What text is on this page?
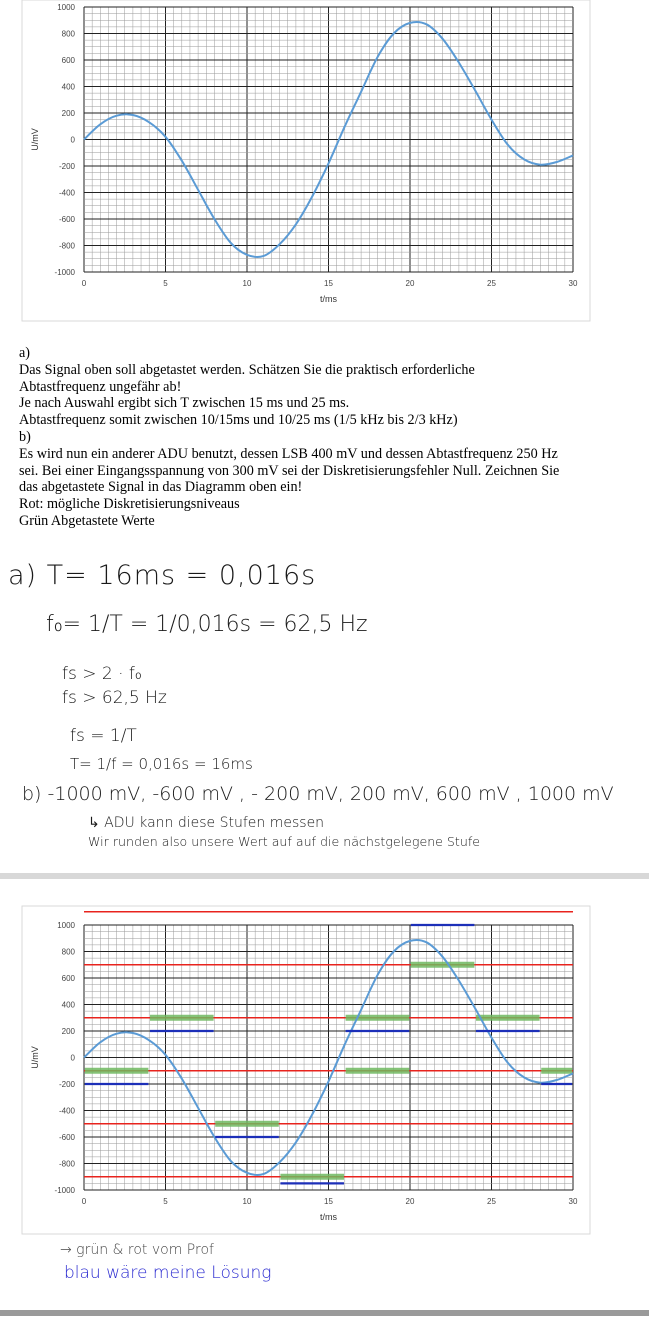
1000
800
600
400
200
0
-200
-400
-600
-800
-1000
0	5	10	15	20	25	30
t/ms
U/mV
a)
Das Signal oben soll abgetastet werden. Schätzen Sie die praktisch erforderliche
Abtastfrequenz ungefähr ab!
Je nach Auswahl ergibt sich T zwischen 15 ms und 25 ms.
Abtastfrequenz somit zwischen 10/15ms und 10/25 ms (1/5 kHz bis 2/3 kHz)
b)
Es wird nun ein anderer ADU benutzt, dessen LSB 400 mV und dessen Abtastfrequenz 250 Hz
sei. Bei einer Eingangsspannung von 300 mV sei der Diskretisierungsfehler Null. Zeichnen Sie
das abgetastete Signal in das Diagramm oben ein!
Rot: mögliche Diskretisierungsniveaus
Grün Abgetastete Werte
a) T= 16ms = 0,016s
f₀= 1/T = 1/0,016s = 62,5 Hz
fs > 2 · f₀
fs > 62,5 Hz
fs = 1/T
T= 1/f = 0,016s = 16ms
b) -1000 mV, -600 mV , - 200 mV, 200 mV, 600 mV , 1000 mV
↳ ADU kann diese Stufen messen
Wir runden also unsere Wert auf auf die nächstgelegene Stufe
1000
800
600
400
200
0
-200
-400
-600
-800
-1000
0	5	10	15	20	25	30
t/ms
U/mV
→ grün & rot vom Prof
blau wäre meine Lösung
